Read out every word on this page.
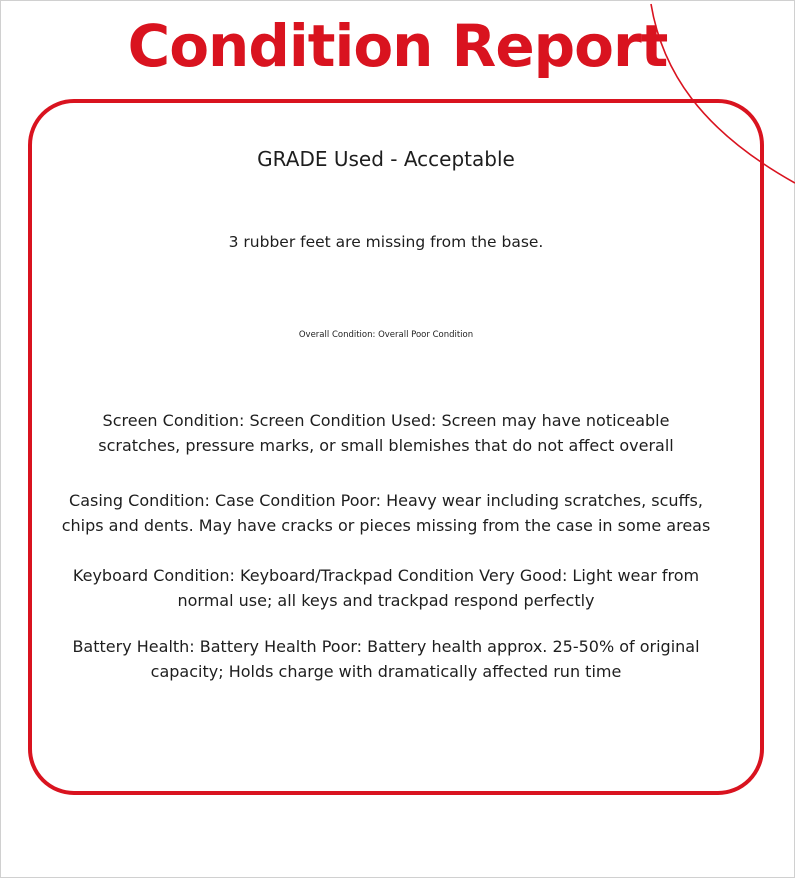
Condition Report
GRADE Used - Acceptable
3 rubber feet are missing from the base.
Overall Condition: Overall Poor Condition
Screen Condition: Screen Condition Used: Screen may have noticeable scratches, pressure marks, or small blemishes that do not affect overall
Casing Condition: Case Condition Poor: Heavy wear including scratches, scuffs, chips and dents. May have cracks or pieces missing from the case in some areas
Keyboard Condition: Keyboard/Trackpad Condition Very Good: Light wear from normal use; all keys and trackpad respond perfectly
Battery Health: Battery Health Poor: Battery health approx. 25-50% of original capacity; Holds charge with dramatically affected run time
